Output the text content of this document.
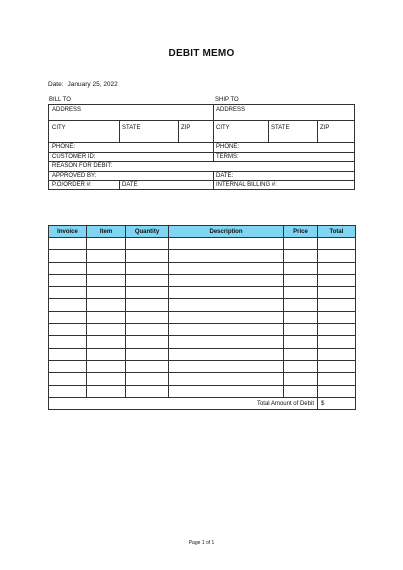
DEBIT MEMO
Date: January 25, 2022
BILL TO	SHIP TO
ADDRESS	ADDRESS
CITY	STATE	ZIP	CITY	STATE	ZIP
PHONE:	PHONE:
CUSTOMER ID:	TERMS:
REASON FOR DEBIT:
APPROVED BY:	DATE:
P.O/ORDER #:	DATE	INTERNAL BILLING #:
Invoice	Item	Quantity	Description	Price	Total

Total Amount of Debit					$
Page 1 of 1
